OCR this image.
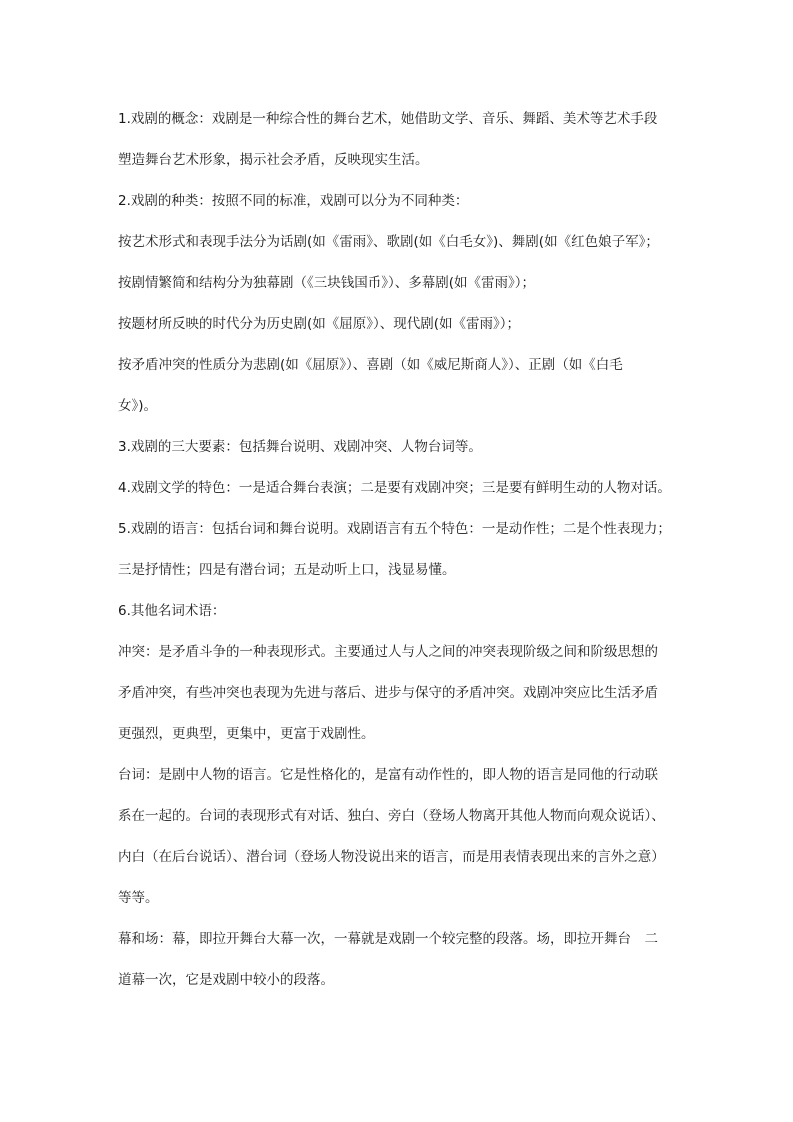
1.戏剧的概念：戏剧是一种综合性的舞台艺术，她借助文学、音乐、舞蹈、美术等艺术手段
塑造舞台艺术形象，揭示社会矛盾，反映现实生活。
2.戏剧的种类：按照不同的标准，戏剧可以分为不同种类：
按艺术形式和表现手法分为话剧(如《雷雨》、歌剧(如《白毛女》)、舞剧(如《红色娘子军》；
按剧情繁简和结构分为独幕剧（《三块钱国币》）、多幕剧(如《雷雨》）；
按题材所反映的时代分为历史剧(如《屈原》）、现代剧(如《雷雨》）；
按矛盾冲突的性质分为悲剧(如《屈原》）、喜剧（如《威尼斯商人》）、正剧（如《白毛
女》)。
3.戏剧的三大要素：包括舞台说明、戏剧冲突、人物台词等。
4.戏剧文学的特色：一是适合舞台表演；二是要有戏剧冲突；三是要有鲜明生动的人物对话。
5.戏剧的语言：包括台词和舞台说明。戏剧语言有五个特色：一是动作性；二是个性表现力；
三是抒情性；四是有潜台词；五是动听上口，浅显易懂。
6.其他名词术语：
冲突：是矛盾斗争的一种表现形式。主要通过人与人之间的冲突表现阶级之间和阶级思想的
矛盾冲突，有些冲突也表现为先进与落后、进步与保守的矛盾冲突。戏剧冲突应比生活矛盾
更强烈，更典型，更集中，更富于戏剧性。
台词：是剧中人物的语言。它是性格化的，是富有动作性的，即人物的语言是同他的行动联
系在一起的。台词的表现形式有对话、独白、旁白（登场人物离开其他人物而向观众说话）、
内白（在后台说话）、潜台词（登场人物没说出来的语言，而是用表情表现出来的言外之意）
等等。
幕和场：幕，即拉开舞台大幕一次，一幕就是戏剧一个较完整的段落。场，即拉开舞台　二
道幕一次，它是戏剧中较小的段落。
